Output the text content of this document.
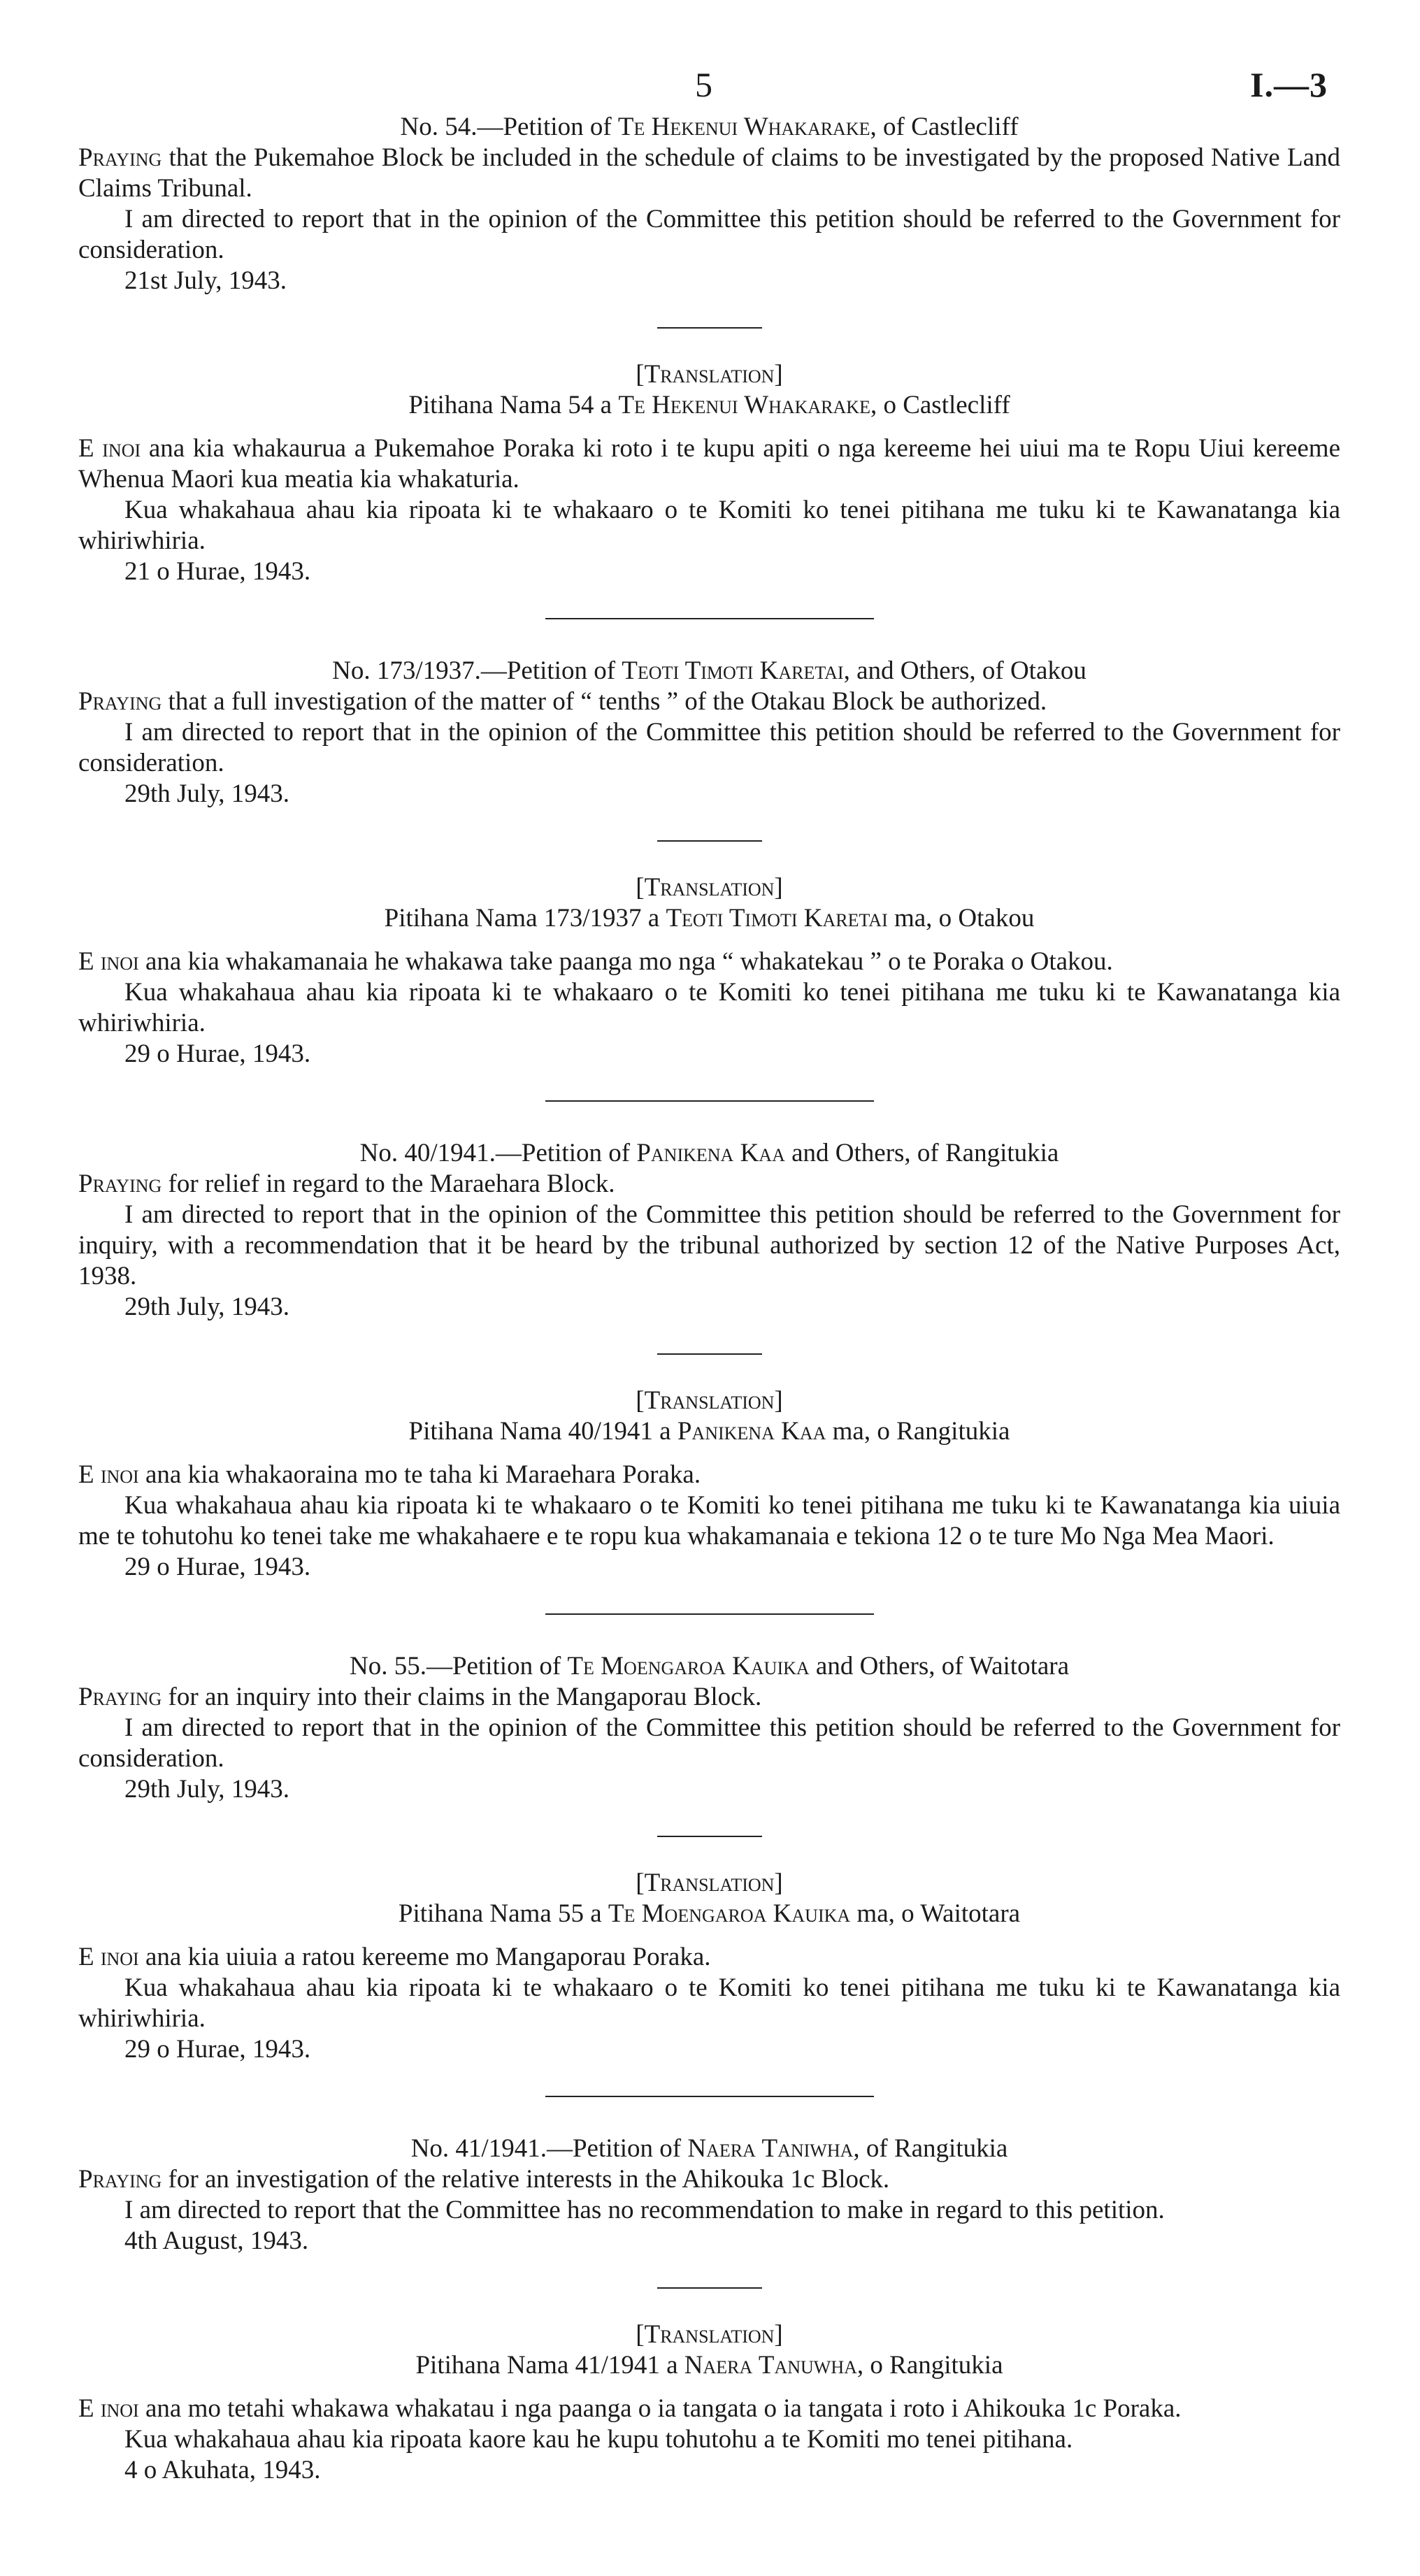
5	I.—3

No. 54.—Petition of Te Hekenui Whakarake, of Castlecliff

Praying that the Pukemahoe Block be included in the schedule of claims to be investigated by the proposed Native Land Claims Tribunal.

I am directed to report that in the opinion of the Committee this petition should be referred to the Government for consideration.

21st July, 1943.

[Translation]

Pitihana Nama 54 a Te Hekenui Whakarake, o Castlecliff

E inoi ana kia whakaurua a Pukemahoe Poraka ki roto i te kupu apiti o nga kereeme hei uiui ma te Ropu Uiui kereeme Whenua Maori kua meatia kia whakaturia.

Kua whakahaua ahau kia ripoata ki te whakaaro o te Komiti ko tenei pitihana me tuku ki te Kawanatanga kia whiriwhiria.

21 o Hurae, 1943.

No. 173/1937.—Petition of Teoti Timoti Karetai, and Others, of Otakou

Praying that a full investigation of the matter of “ tenths ” of the Otakau Block be authorized.

I am directed to report that in the opinion of the Committee this petition should be referred to the Government for consideration.

29th July, 1943.

[Translation]

Pitihana Nama 173/1937 a Teoti Timoti Karetai ma, o Otakou

E inoi ana kia whakamanaia he whakawa take paanga mo nga “ whakatekau ” o te Poraka o Otakou.

Kua whakahaua ahau kia ripoata ki te whakaaro o te Komiti ko tenei pitihana me tuku ki te Kawanatanga kia whiriwhiria.

29 o Hurae, 1943.

No. 40/1941.—Petition of Panikena Kaa and Others, of Rangitukia

Praying for relief in regard to the Maraehara Block.

I am directed to report that in the opinion of the Committee this petition should be referred to the Government for inquiry, with a recommendation that it be heard by the tribunal authorized by section 12 of the Native Purposes Act, 1938.

29th July, 1943.

[Translation]

Pitihana Nama 40/1941 a Panikena Kaa ma, o Rangitukia

E inoi ana kia whakaoraina mo te taha ki Maraehara Poraka.

Kua whakahaua ahau kia ripoata ki te whakaaro o te Komiti ko tenei pitihana me tuku ki te Kawanatanga kia uiuia me te tohutohu ko tenei take me whakahaere e te ropu kua whakamanaia e tekiona 12 o te ture Mo Nga Mea Maori.

29 o Hurae, 1943.

No. 55.—Petition of Te Moengaroa Kauika and Others, of Waitotara

Praying for an inquiry into their claims in the Mangaporau Block.

I am directed to report that in the opinion of the Committee this petition should be referred to the Government for consideration.

29th July, 1943.

[Translation]

Pitihana Nama 55 a Te Moengaroa Kauika ma, o Waitotara

E inoi ana kia uiuia a ratou kereeme mo Mangaporau Poraka.

Kua whakahaua ahau kia ripoata ki te whakaaro o te Komiti ko tenei pitihana me tuku ki te Kawanatanga kia whiriwhiria.

29 o Hurae, 1943.

No. 41/1941.—Petition of Naera Taniwha, of Rangitukia

Praying for an investigation of the relative interests in the Ahikouka 1c Block.

I am directed to report that the Committee has no recommendation to make in regard to this petition.

4th August, 1943.

[Translation]

Pitihana Nama 41/1941 a Naera Tanuwha, o Rangitukia

E inoi ana mo tetahi whakawa whakatau i nga paanga o ia tangata o ia tangata i roto i Ahikouka 1c Poraka.

Kua whakahaua ahau kia ripoata kaore kau he kupu tohutohu a te Komiti mo tenei pitihana.

4 o Akuhata, 1943.
